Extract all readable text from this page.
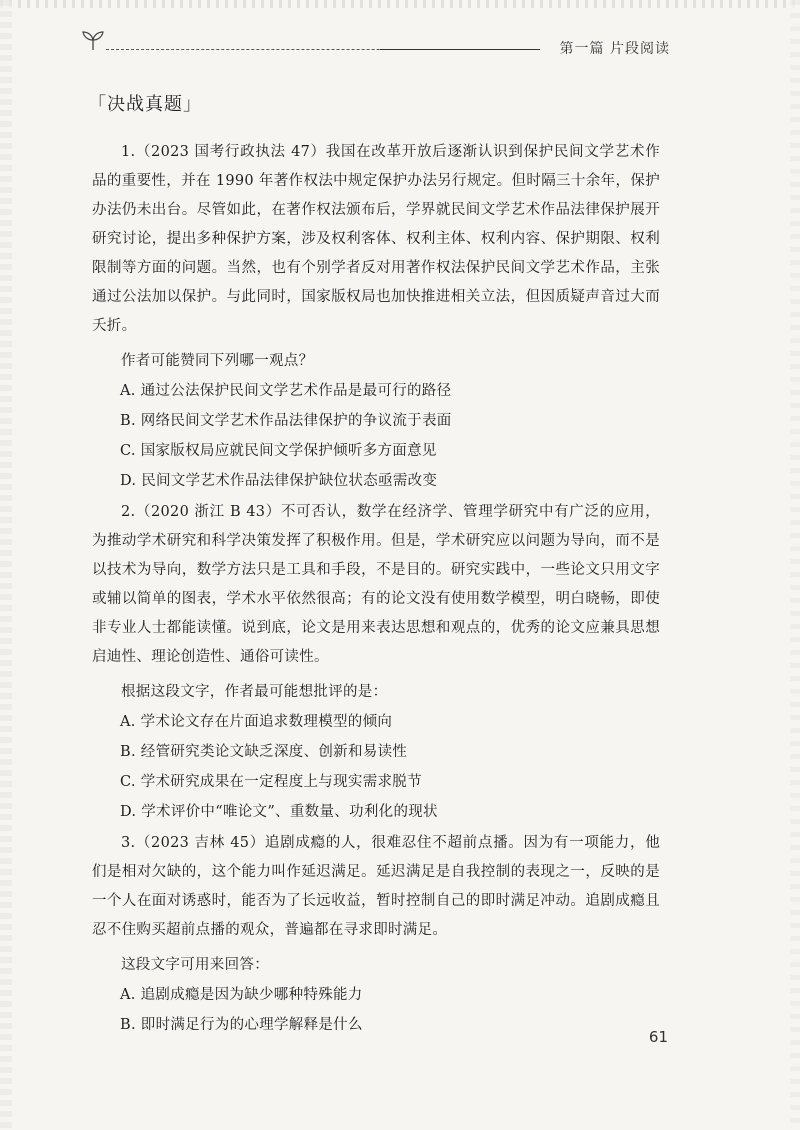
第一篇 片段阅读
「决战真题」

1.（2023 国考行政执法 47）我国在改革开放后逐渐认识到保护民间文学艺术作品的重要性，并在 1990 年著作权法中规定保护办法另行规定。但时隔三十余年，保护办法仍未出台。尽管如此，在著作权法颁布后，学界就民间文学艺术作品法律保护展开研究讨论，提出多种保护方案，涉及权利客体、权利主体、权利内容、保护期限、权利限制等方面的问题。当然，也有个别学者反对用著作权法保护民间文学艺术作品，主张通过公法加以保护。与此同时，国家版权局也加快推进相关立法，但因质疑声音过大而夭折。

作者可能赞同下列哪一观点？

A. 通过公法保护民间文学艺术作品是最可行的路径

B. 网络民间文学艺术作品法律保护的争议流于表面

C. 国家版权局应就民间文学保护倾听多方面意见

D. 民间文学艺术作品法律保护缺位状态亟需改变

2.（2020 浙江 B 43）不可否认，数学在经济学、管理学研究中有广泛的应用，为推动学术研究和科学决策发挥了积极作用。但是，学术研究应以问题为导向，而不是以技术为导向，数学方法只是工具和手段，不是目的。研究实践中，一些论文只用文字或辅以简单的图表，学术水平依然很高；有的论文没有使用数学模型，明白晓畅，即使非专业人士都能读懂。说到底，论文是用来表达思想和观点的，优秀的论文应兼具思想启迪性、理论创造性、通俗可读性。

根据这段文字，作者最可能想批评的是：

A. 学术论文存在片面追求数理模型的倾向

B. 经管研究类论文缺乏深度、创新和易读性

C. 学术研究成果在一定程度上与现实需求脱节

D. 学术评价中“唯论文”、重数量、功利化的现状

3.（2023 吉林 45）追剧成瘾的人，很难忍住不超前点播。因为有一项能力，他们是相对欠缺的，这个能力叫作延迟满足。延迟满足是自我控制的表现之一，反映的是一个人在面对诱惑时，能否为了长远收益，暂时控制自己的即时满足冲动。追剧成瘾且忍不住购买超前点播的观众，普遍都在寻求即时满足。

这段文字可用来回答：

A. 追剧成瘾是因为缺少哪种特殊能力

B. 即时满足行为的心理学解释是什么

61
